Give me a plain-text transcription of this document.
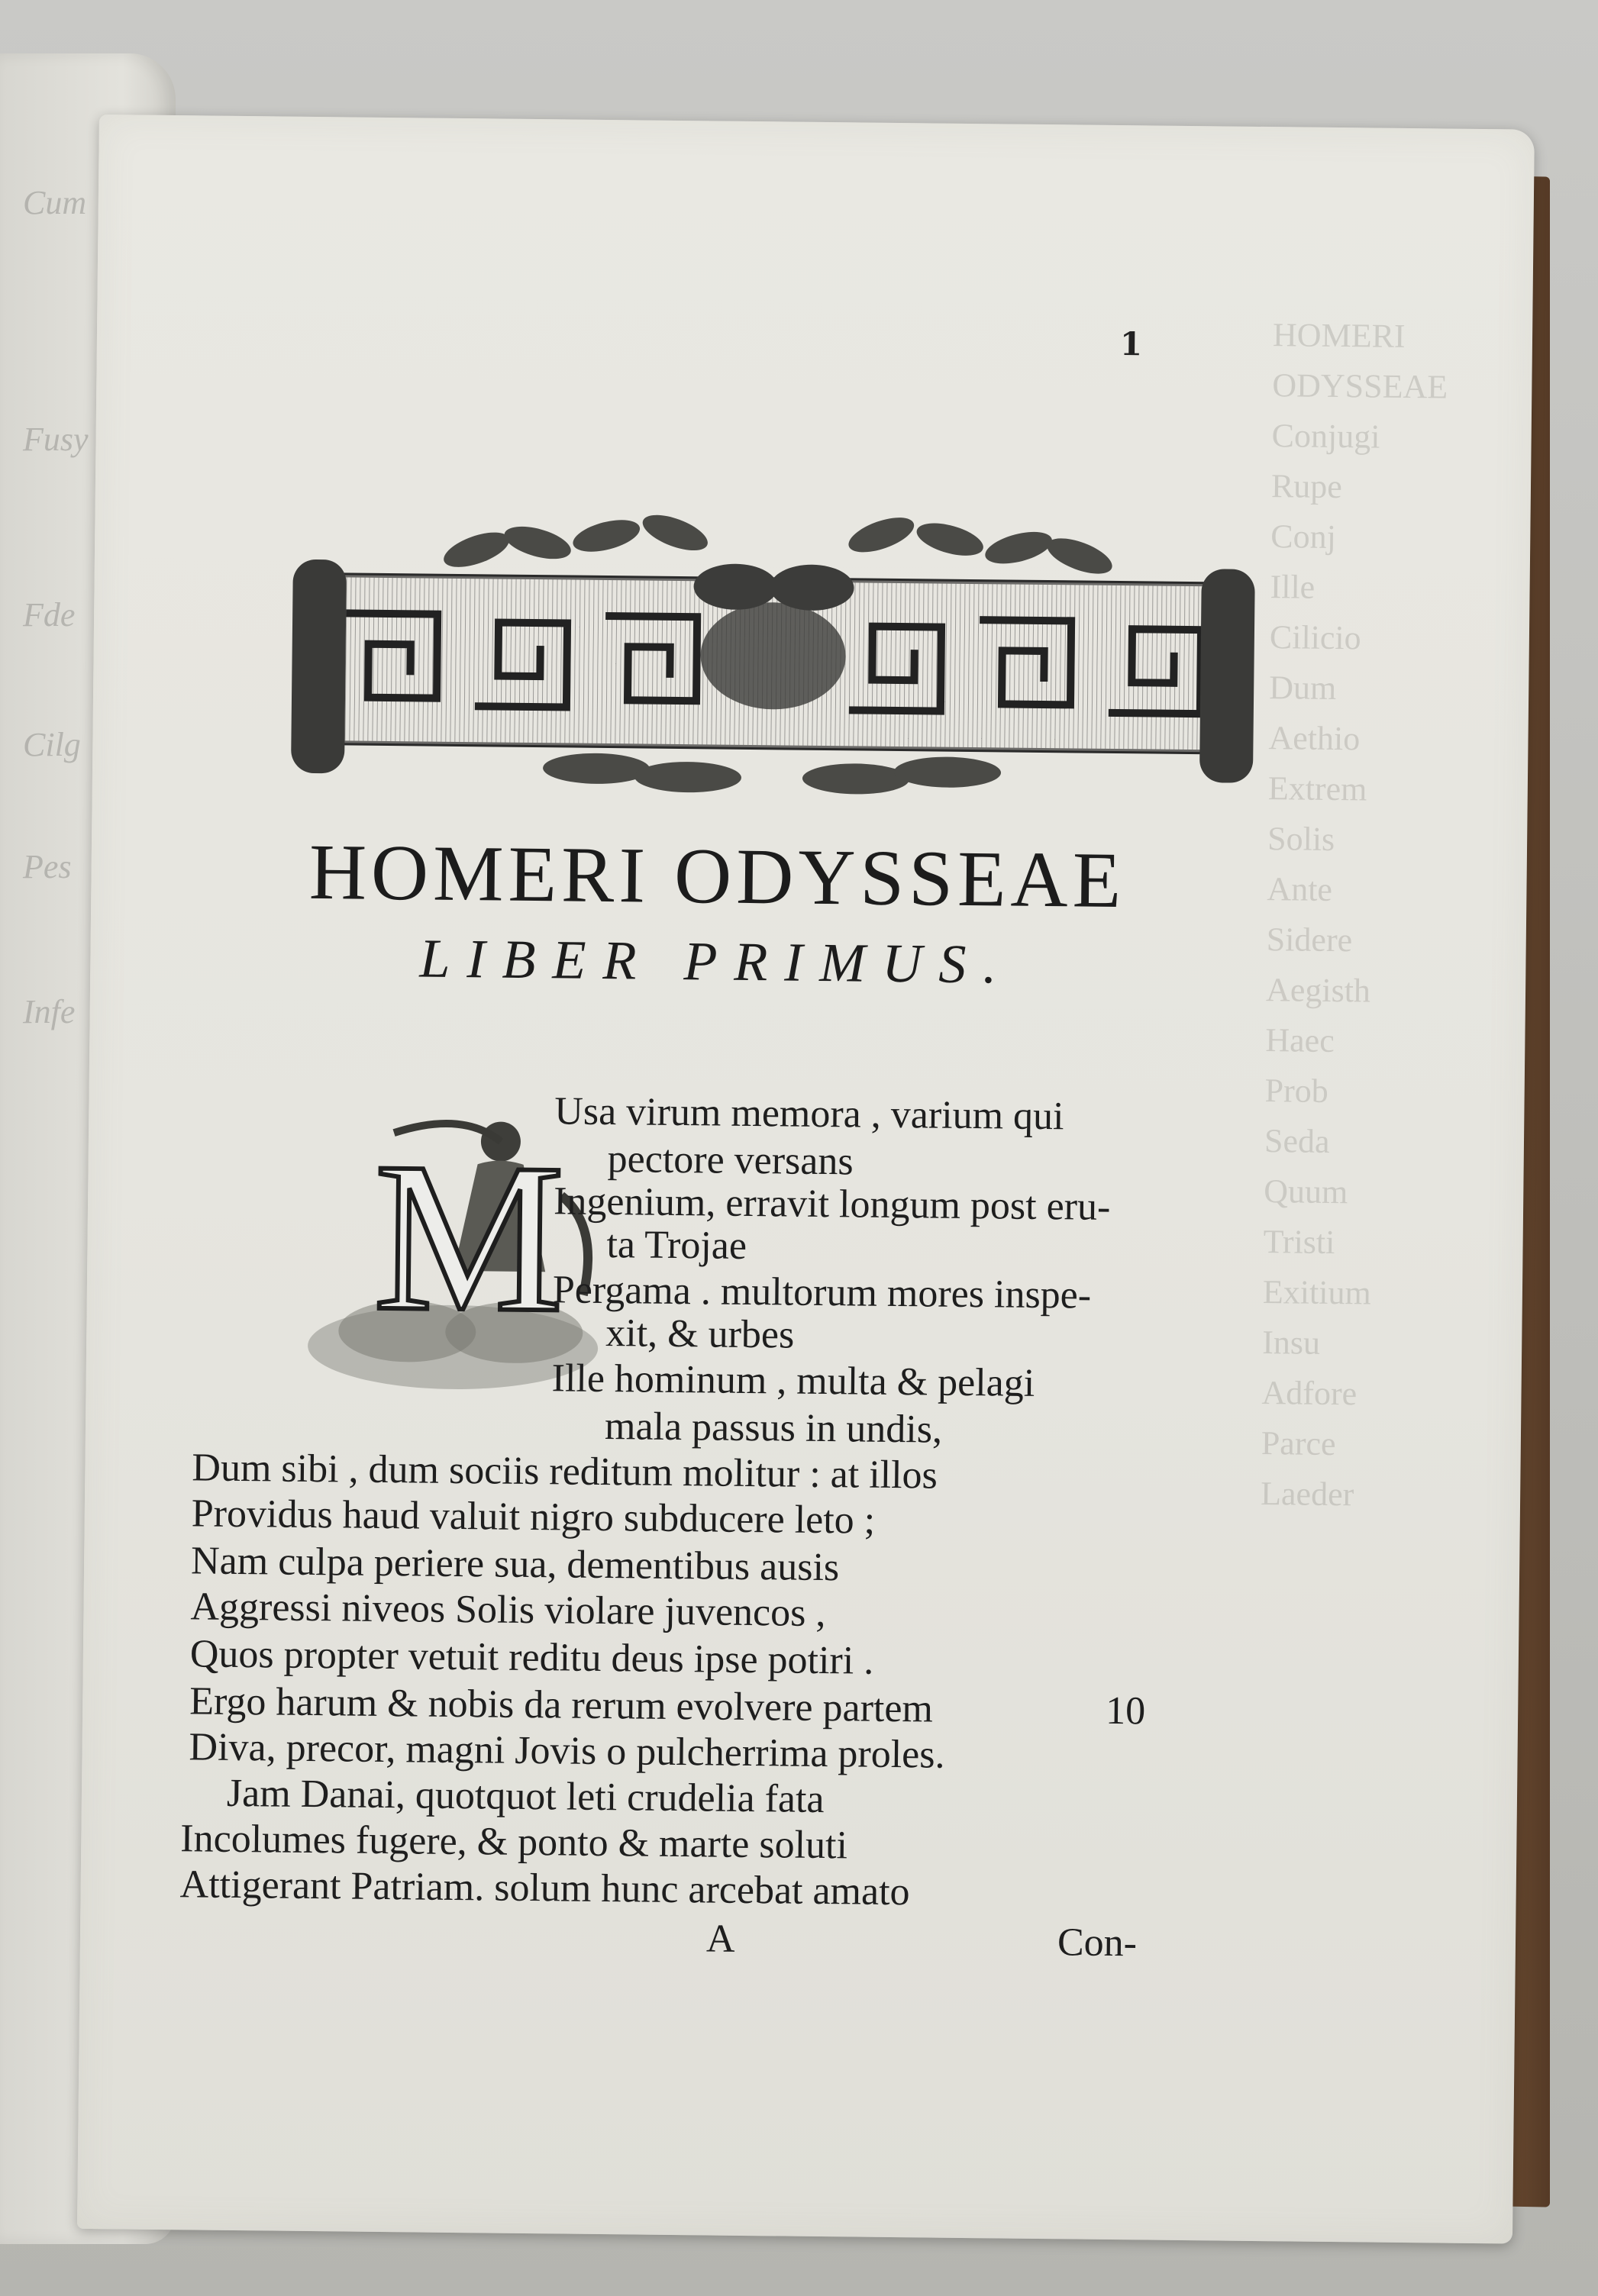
Cum
Fusy
Fde
Cilg
Pes
Infe
HOMERI ODYSSEAE
Conjugi
Rupe
Conj
Ille
Cilicio
Dum
Aethio
Extrem
Solis
Ante
Sidere
Aegisth
Haec
Prob
Seda
Quum
Tristi
Exitium
Insu
Adfore
Parce
Laeder
1
HOMERI ODYSSEAE
LIBER PRIMUS.
M
Usa virum memora , varium qui
pectore versans
Ingenium, erravit longum post eru-
ta Trojae
Pergama . multorum mores inspe-
xit, & urbes
Ille hominum , multa & pelagi
mala passus in undis,
Dum sibi , dum sociis reditum molitur : at illos
Providus haud valuit nigro subducere leto ;
Nam culpa periere sua, dementibus ausis
Aggressi niveos Solis violare juvencos ,
Quos propter vetuit reditu deus ipse potiri .
Ergo harum & nobis da rerum evolvere partem	10
Diva, precor, magni Jovis o pulcherrima proles.
Jam Danai, quotquot leti crudelia fata
Incolumes fugere, & ponto & marte soluti
Attigerant Patriam. solum hunc arcebat amato
A	Con-
